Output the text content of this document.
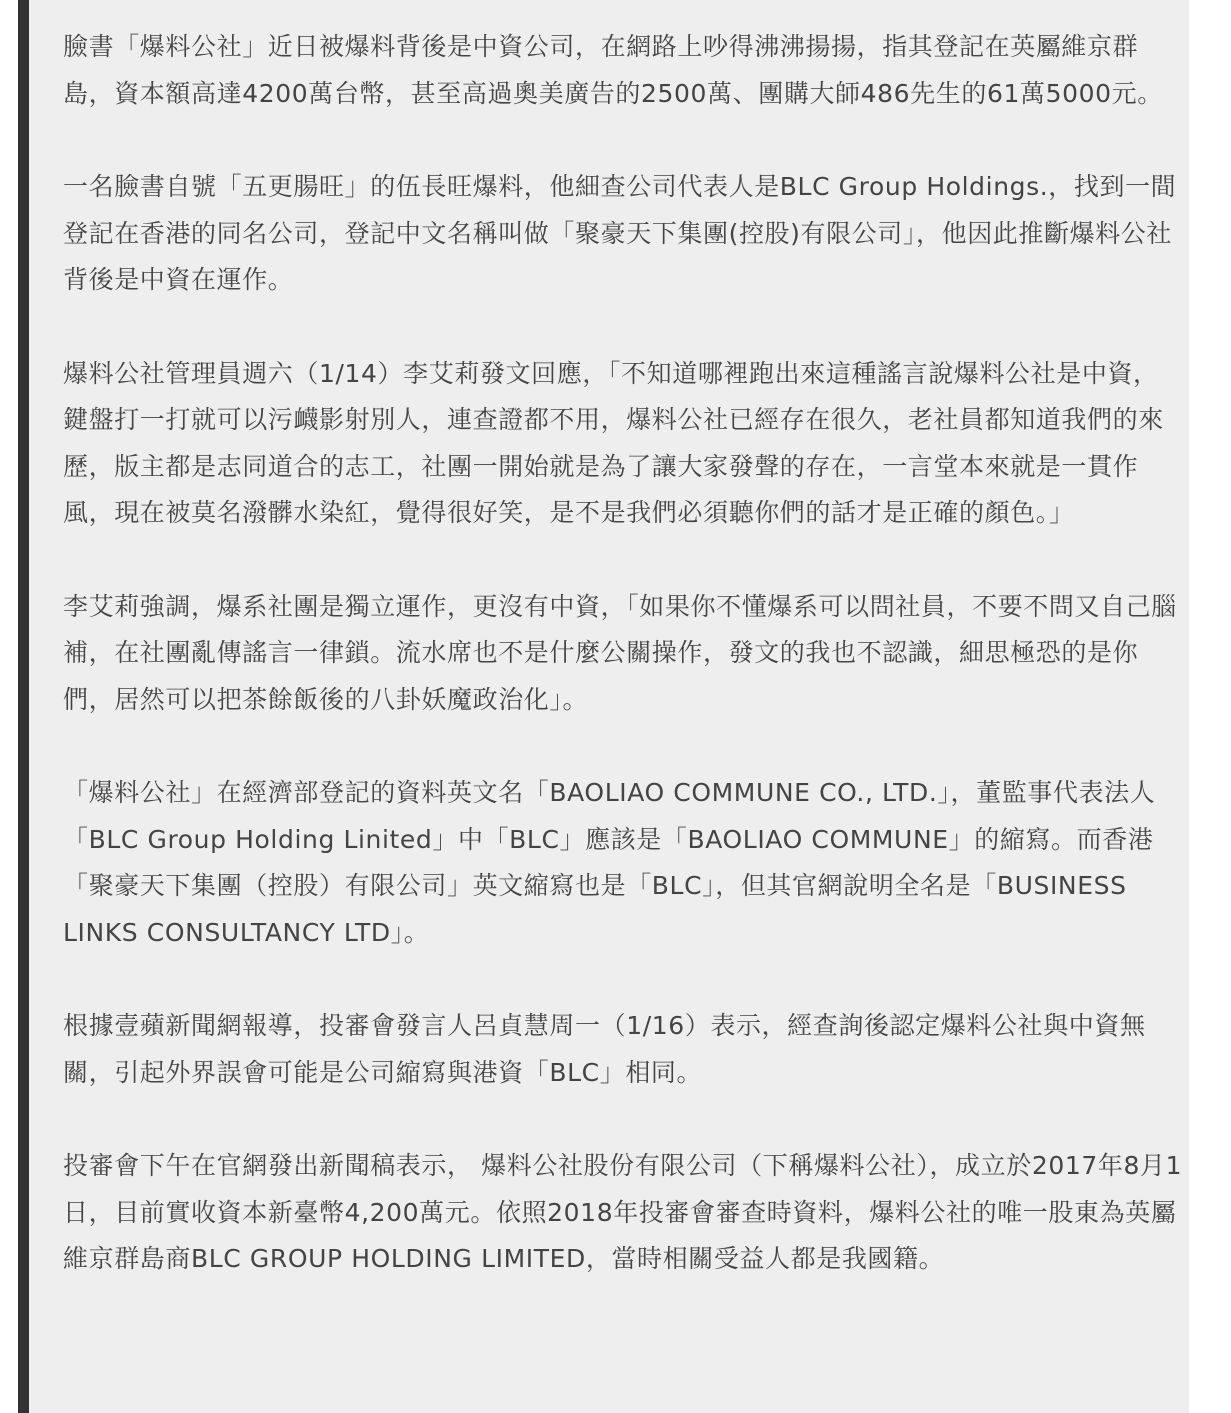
臉書「爆料公社」近日被爆料背後是中資公司，在網路上吵得沸沸揚揚，指其登記在英屬維京群島，資本額高達4200萬台幣，甚至高過奧美廣告的2500萬、團購大師486先生的61萬5000元。

一名臉書自號「五更腸旺」的伍長旺爆料，他細查公司代表人是BLC Group Holdings.，找到一間登記在香港的同名公司，登記中文名稱叫做「聚豪天下集團(控股)有限公司」，他因此推斷爆料公社背後是中資在運作。

爆料公社管理員週六（1/14）李艾莉發文回應，「不知道哪裡跑出來這種謠言說爆料公社是中資，鍵盤打一打就可以污衊影射別人，連查證都不用，爆料公社已經存在很久，老社員都知道我們的來歷，版主都是志同道合的志工，社團一開始就是為了讓大家發聲的存在，一言堂本來就是一貫作風，現在被莫名潑髒水染紅，覺得很好笑，是不是我們必須聽你們的話才是正確的顏色。」

李艾莉強調，爆系社團是獨立運作，更沒有中資，「如果你不懂爆系可以問社員，不要不問又自己腦補，在社團亂傳謠言一律鎖。流水席也不是什麼公關操作，發文的我也不認識，細思極恐的是你們，居然可以把茶餘飯後的八卦妖魔政治化」。

「爆料公社」在經濟部登記的資料英文名「BAOLIAO COMMUNE CO., LTD.」，董監事代表法人「BLC Group Holding Linited」中「BLC」應該是「BAOLIAO COMMUNE」的縮寫。而香港「聚豪天下集團（控股）有限公司」英文縮寫也是「BLC」，但其官網說明全名是「BUSINESS LINKS CONSULTANCY LTD」。

根據壹蘋新聞網報導，投審會發言人呂貞慧周一（1/16）表示，經查詢後認定爆料公社與中資無關，引起外界誤會可能是公司縮寫與港資「BLC」相同。

投審會下午在官網發出新聞稿表示， 爆料公社股份有限公司（下稱爆料公社），成立於2017年8月1日，目前實收資本新臺幣4,200萬元。依照2018年投審會審查時資料，爆料公社的唯一股東為英屬維京群島商BLC GROUP HOLDING LIMITED，當時相關受益人都是我國籍。
